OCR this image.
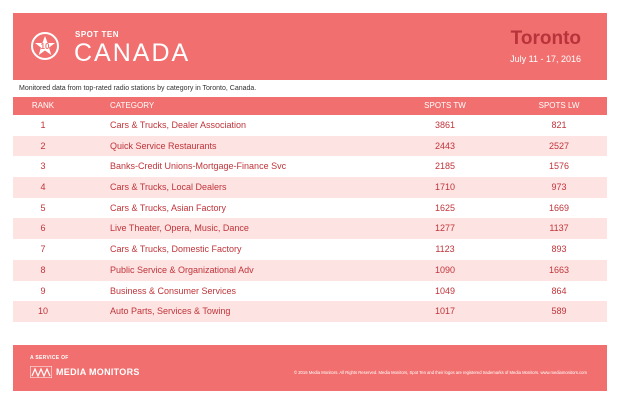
10
SPOT TEN
CANADA
Toronto
July 11 - 17, 2016
Monitored data from top-rated radio stations by category in Toronto, Canada.
RANK	CATEGORY	SPOTS TW	SPOTS LW
1	Cars & Trucks, Dealer Association	3861	821
2	Quick Service Restaurants	2443	2527
3	Banks-Credit Unions-Mortgage-Finance Svc	2185	1576
4	Cars & Trucks, Local Dealers	1710	973
5	Cars & Trucks, Asian Factory	1625	1669
6	Live Theater, Opera, Music, Dance	1277	1137
7	Cars & Trucks, Domestic Factory	1123	893
8	Public Service & Organizational Adv	1090	1663
9	Business & Consumer Services	1049	864
10	Auto Parts, Services & Towing	1017	589
A SERVICE OF
MEDIA MONITORS	© 2016 Media Monitors. All Rights Reserved. Media Monitors, Spot Ten and their logos are registered trademarks of Media Monitors. www.mediamonitors.com
